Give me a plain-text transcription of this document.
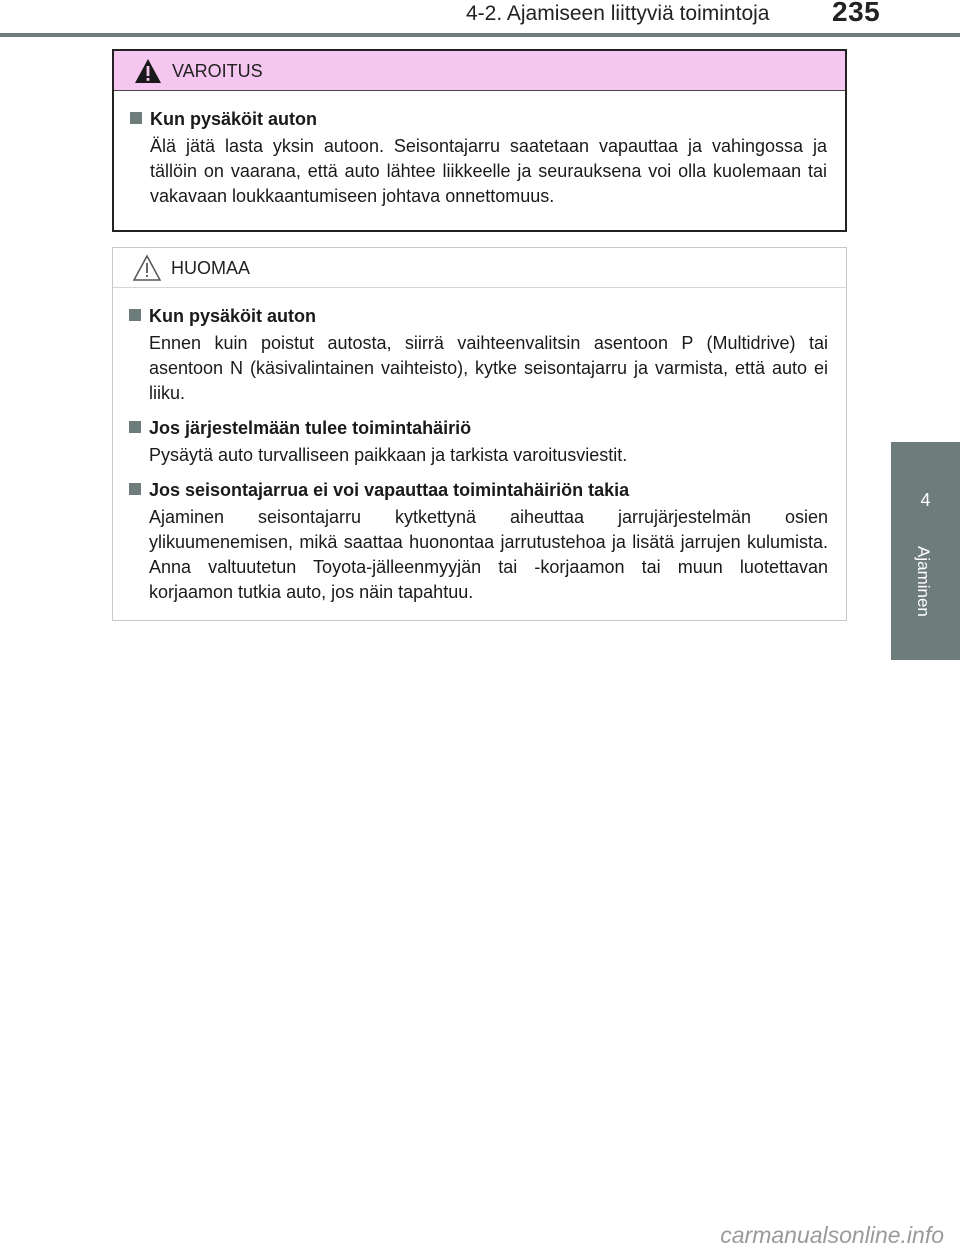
4-2. Ajamiseen liittyviä toimintoja 235
4
Ajaminen
VAROITUS
Kun pysäköit auton
Älä jätä lasta yksin autoon. Seisontajarru saatetaan vapauttaa ja vahingossa ja tällöin on vaarana, että auto lähtee liikkeelle ja seurauksena voi olla kuolemaan tai vakavaan loukkaantumiseen johtava onnettomuus.
HUOMAA
Kun pysäköit auton
Ennen kuin poistut autosta, siirrä vaihteenvalitsin asentoon P (Multidrive) tai asentoon N (käsivalintainen vaihteisto), kytke seisontajarru ja varmista, että auto ei liiku.
Jos järjestelmään tulee toimintahäiriö
Pysäytä auto turvalliseen paikkaan ja tarkista varoitusviestit.
Jos seisontajarrua ei voi vapauttaa toimintahäiriön takia
Ajaminen seisontajarru kytkettynä aiheuttaa jarrujärjestelmän osien ylikuumenemisen, mikä saattaa huonontaa jarrutustehoa ja lisätä jarrujen kulumista. Anna valtuutetun Toyota-jälleenmyyjän tai -korjaamon tai muun luotettavan korjaamon tutkia auto, jos näin tapahtuu.
carmanualsonline.info
